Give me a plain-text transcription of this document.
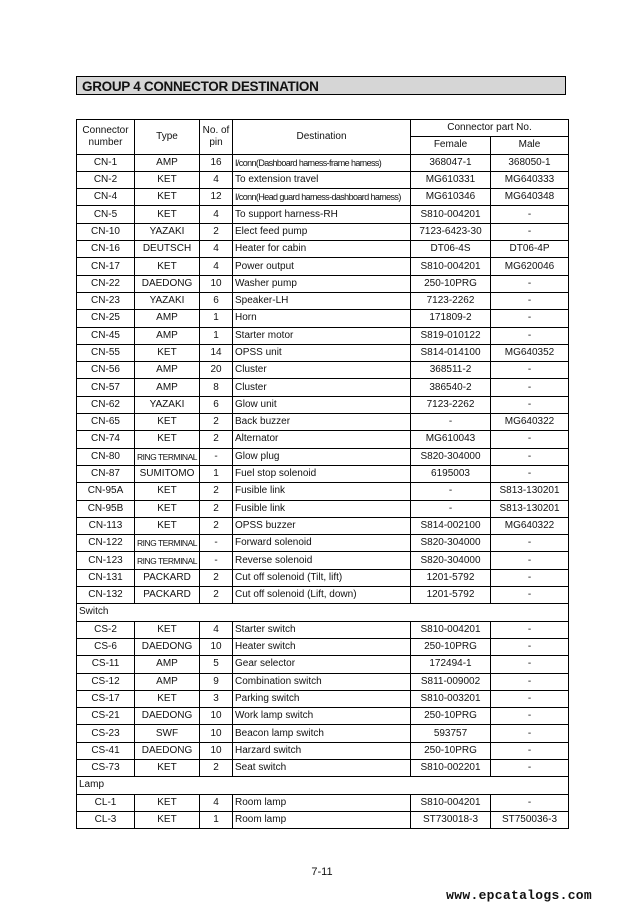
GROUP 4 CONNECTOR DESTINATION
Connector number	Type	No. of pin	Destination	Connector part No.	
				Female	Male
CN-1	AMP	16	I/conn(Dashboard harness-frame harness)	368047-1	368050-1
CN-2	KET	4	To extension travel	MG610331	MG640333
CN-4	KET	12	I/conn(Head guard harness-dashboard harness)	MG610346	MG640348
CN-5	KET	4	To support harness-RH	S810-004201	-
CN-10	YAZAKI	2	Elect feed pump	7123-6423-30	-
CN-16	DEUTSCH	4	Heater for cabin	DT06-4S	DT06-4P
CN-17	KET	4	Power output	S810-004201	MG620046
CN-22	DAEDONG	10	Washer pump	250-10PRG	-
CN-23	YAZAKI	6	Speaker-LH	7123-2262	-
CN-25	AMP	1	Horn	171809-2	-
CN-45	AMP	1	Starter motor	S819-010122	-
CN-55	KET	14	OPSS unit	S814-014100	MG640352
CN-56	AMP	20	Cluster	368511-2	-
CN-57	AMP	8	Cluster	386540-2	-
CN-62	YAZAKI	6	Glow unit	7123-2262	-
CN-65	KET	2	Back buzzer	-	MG640322
CN-74	KET	2	Alternator	MG610043	-
CN-80	RING TERMINAL	-	Glow plug	S820-304000	-
CN-87	SUMITOMO	1	Fuel stop solenoid	6195003	-
CN-95A	KET	2	Fusible link	-	S813-130201
CN-95B	KET	2	Fusible link	-	S813-130201
CN-113	KET	2	OPSS buzzer	S814-002100	MG640322
CN-122	RING TERMINAL	-	Forward solenoid	S820-304000	-
CN-123	RING TERMINAL	-	Reverse solenoid	S820-304000	-
CN-131	PACKARD	2	Cut off solenoid (Tilt, lift)	1201-5792	-
CN-132	PACKARD	2	Cut off solenoid (Lift, down)	1201-5792	-
Switch					
CS-2	KET	4	Starter switch	S810-004201	-
CS-6	DAEDONG	10	Heater switch	250-10PRG	-
CS-11	AMP	5	Gear selector	172494-1	-
CS-12	AMP	9	Combination switch	S811-009002	-
CS-17	KET	3	Parking switch	S810-003201	-
CS-21	DAEDONG	10	Work lamp switch	250-10PRG	-
CS-23	SWF	10	Beacon lamp switch	593757	-
CS-41	DAEDONG	10	Harzard switch	250-10PRG	-
CS-73	KET	2	Seat switch	S810-002201	-
Lamp					
CL-1	KET	4	Room lamp	S810-004201	-
CL-3	KET	1	Room lamp	ST730018-3	ST750036-3
7-11
www.epcatalogs.com
